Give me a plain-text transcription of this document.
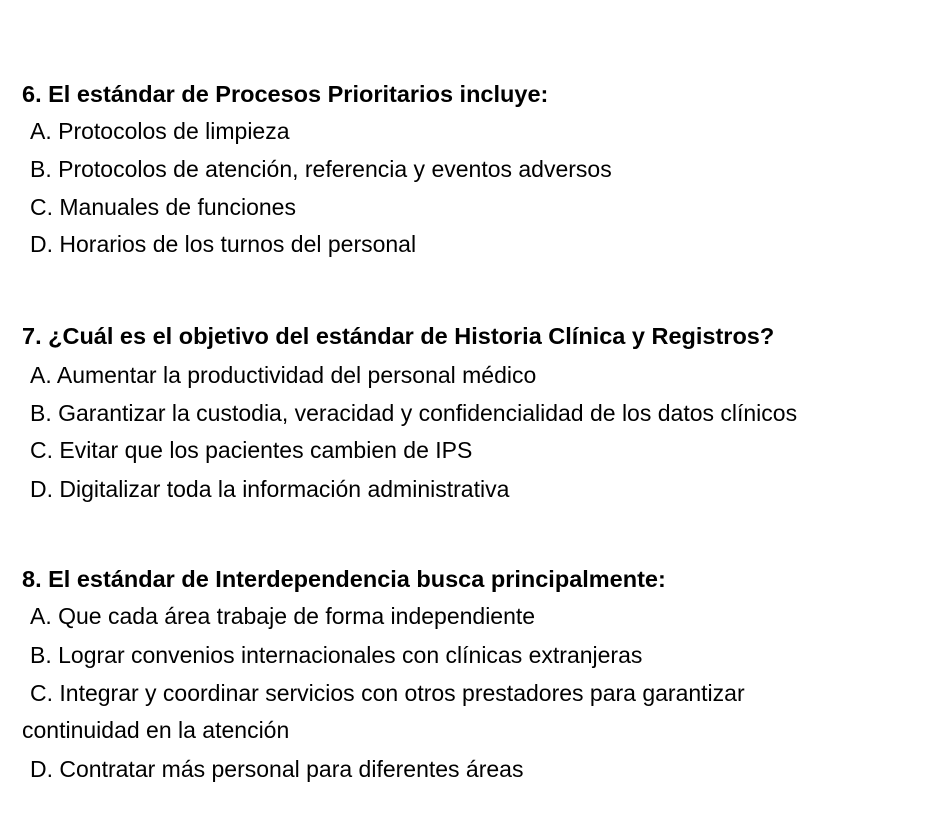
6. El estándar de Procesos Prioritarios incluye:
A. Protocolos de limpieza
B. Protocolos de atención, referencia y eventos adversos
C. Manuales de funciones
D. Horarios de los turnos del personal
7. ¿Cuál es el objetivo del estándar de Historia Clínica y Registros?
A. Aumentar la productividad del personal médico
B. Garantizar la custodia, veracidad y confidencialidad de los datos clínicos
C. Evitar que los pacientes cambien de IPS
D. Digitalizar toda la información administrativa
8. El estándar de Interdependencia busca principalmente:
A. Que cada área trabaje de forma independiente
B. Lograr convenios internacionales con clínicas extranjeras
C. Integrar y coordinar servicios con otros prestadores para garantizar
continuidad en la atención
D. Contratar más personal para diferentes áreas
